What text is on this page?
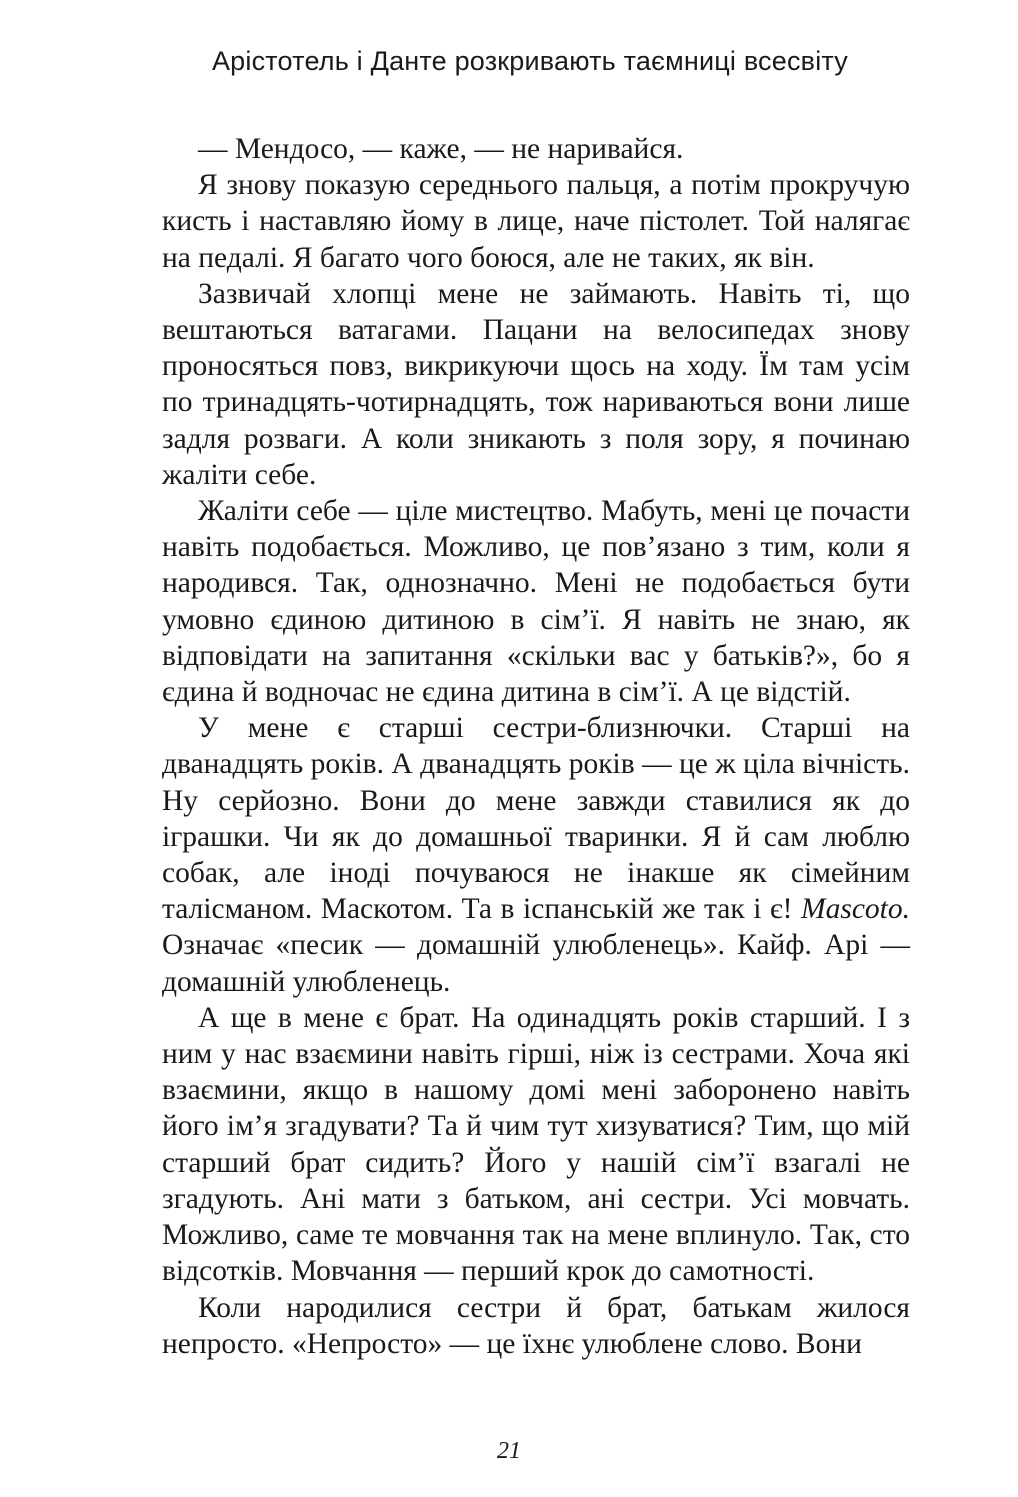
Арістотель і Данте розкривають таємниці всесвіту

— Мендосо, — каже, — не наривайся.

Я знову показую середнього пальця, а потім прокручую кисть і наставляю йому в лице, наче пістолет. Той налягає на педалі. Я багато чого боюся, але не таких, як він.

Зазвичай хлопці мене не займають. Навіть ті, що вештаються ватагами. Пацани на велосипедах знову проносяться повз, викрикуючи щось на ходу. Їм там усім по тринадцять-чотирнадцять, тож нариваються вони лише задля розваги. А коли зникають з поля зору, я починаю жаліти себе.

Жаліти себе — ціле мистецтво. Мабуть, мені це почасти навіть подобається. Можливо, це пов’язано з тим, коли я народився. Так, однозначно. Мені не подобається бути умовно єдиною дитиною в сім’ї. Я навіть не знаю, як відповідати на запитання «скільки вас у батьків?», бо я єдина й водночас не єдина дитина в сім’ї. А це відстій.

У мене є старші сестри-близнючки. Старші на дванадцять років. А дванадцять років — це ж ціла вічність. Ну серйозно. Вони до мене завжди ставилися як до іграшки. Чи як до домашньої тваринки. Я й сам люблю собак, але іноді почуваюся не інакше як сімейним талісманом. Маскотом. Та в іспанській же так і є! Mascoto. Означає «песик — домашній улюбленець». Кайф. Арі — домашній улюбленець.

А ще в мене є брат. На одинадцять років старший. І з ним у нас взаємини навіть гірші, ніж із сестрами. Хоча які взаємини, якщо в нашому домі мені заборонено навіть його ім’я згадувати? Та й чим тут хизуватися? Тим, що мій старший брат сидить? Його у нашій сім’ї взагалі не згадують. Ані мати з батьком, ані сестри. Усі мовчать. Можливо, саме те мовчання так на мене вплинуло. Так, сто відсотків. Мовчання — перший крок до самотності.

Коли народилися сестри й брат, батькам жилося непросто. «Непросто» — це їхнє улюблене слово. Вони

21
